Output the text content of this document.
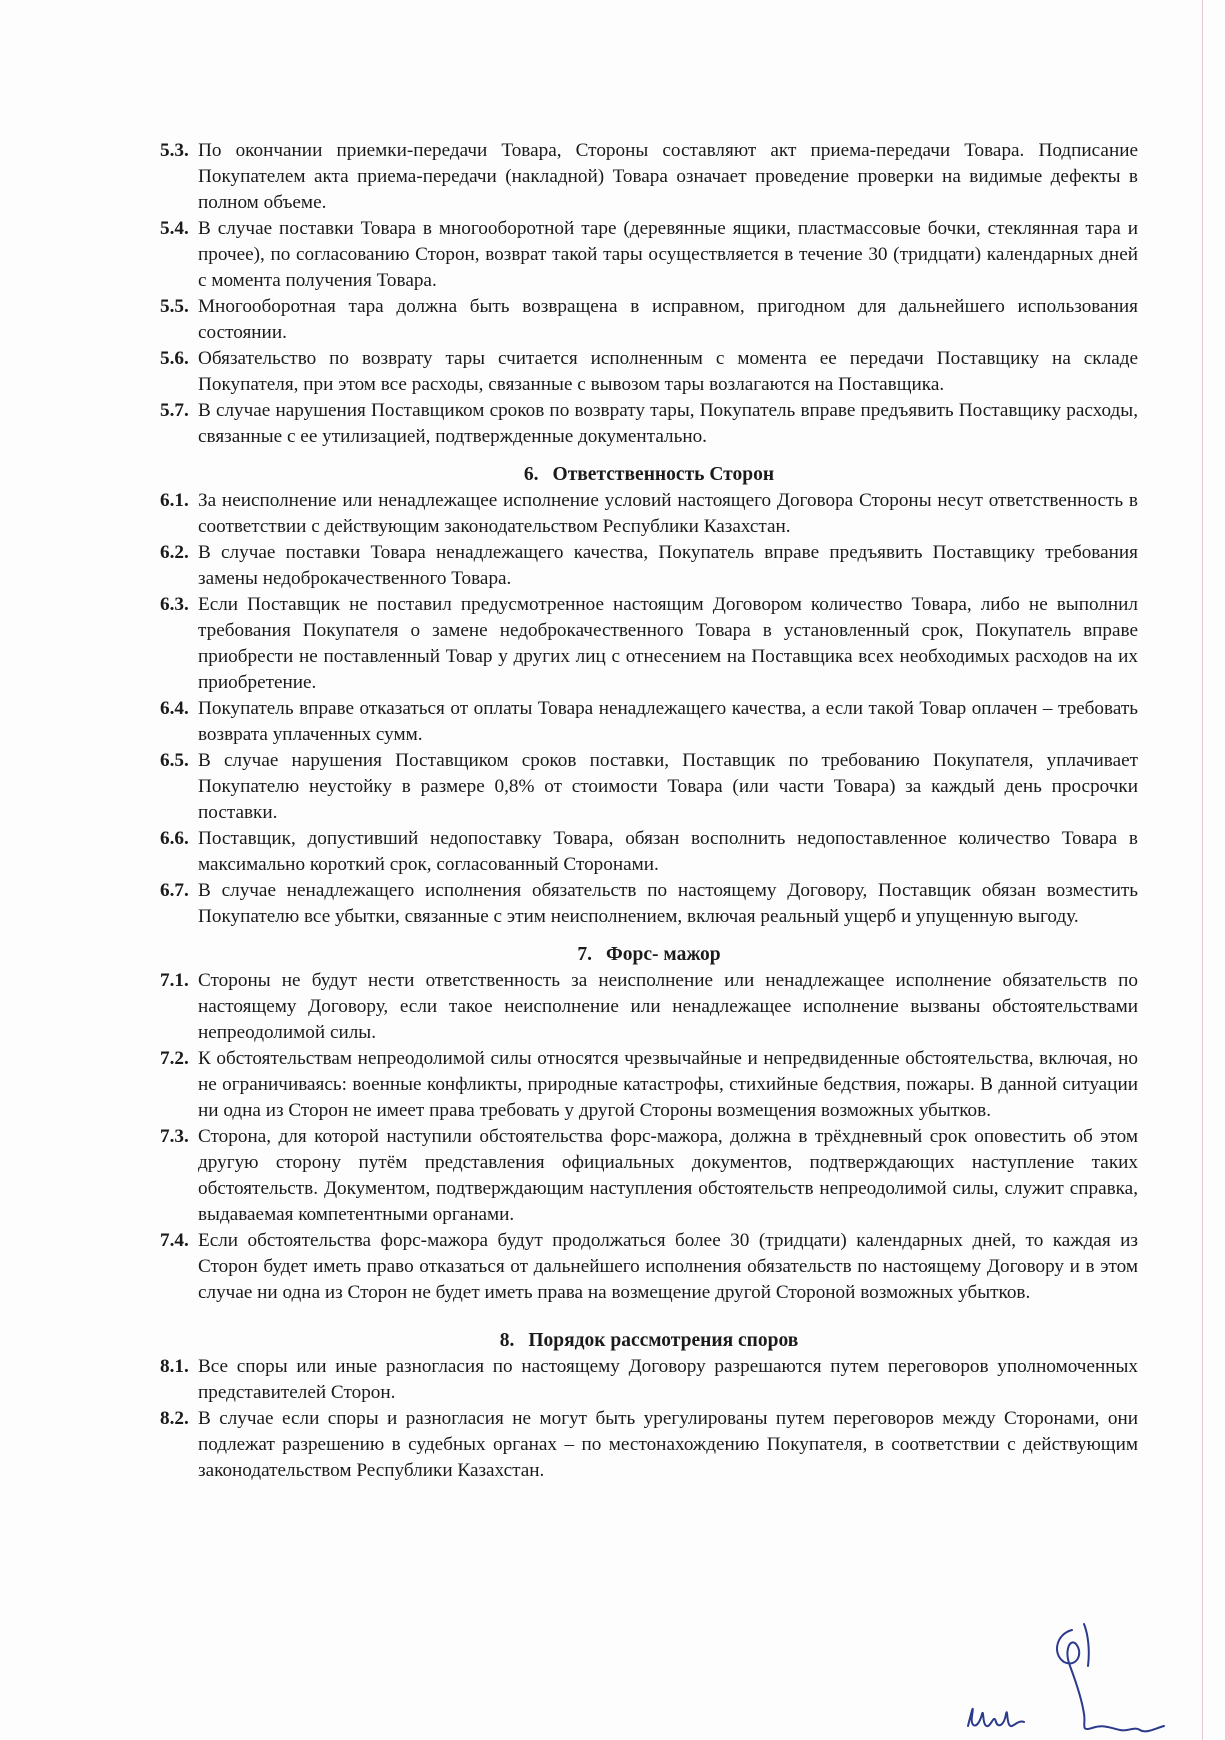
5.3. По окончании приемки-передачи Товара, Стороны составляют акт приема-передачи Товара. Подписание Покупателем акта приема-передачи (накладной) Товара означает проведение проверки на видимые дефекты в полном объеме.
5.4. В случае поставки Товара в многооборотной таре (деревянные ящики, пластмассовые бочки, стеклянная тара и прочее), по согласованию Сторон, возврат такой тары осуществляется в течение 30 (тридцати) календарных дней с момента получения Товара.
5.5. Многооборотная тара должна быть возвращена в исправном, пригодном для дальнейшего использования состоянии.
5.6. Обязательство по возврату тары считается исполненным с момента ее передачи Поставщику на складе Покупателя, при этом все расходы, связанные с вывозом тары возлагаются на Поставщика.
5.7. В случае нарушения Поставщиком сроков по возврату тары, Покупатель вправе предъявить Поставщику расходы, связанные с ее утилизацией, подтвержденные документально.
6. Ответственность Сторон
6.1. За неисполнение или ненадлежащее исполнение условий настоящего Договора Стороны несут ответственность в соответствии с действующим законодательством Республики Казахстан.
6.2. В случае поставки Товара ненадлежащего качества, Покупатель вправе предъявить Поставщику требования замены недоброкачественного Товара.
6.3. Если Поставщик не поставил предусмотренное настоящим Договором количество Товара, либо не выполнил требования Покупателя о замене недоброкачественного Товара в установленный срок, Покупатель вправе приобрести не поставленный Товар у других лиц с отнесением на Поставщика всех необходимых расходов на их приобретение.
6.4. Покупатель вправе отказаться от оплаты Товара ненадлежащего качества, а если такой Товар оплачен – требовать возврата уплаченных сумм.
6.5. В случае нарушения Поставщиком сроков поставки, Поставщик по требованию Покупателя, уплачивает Покупателю неустойку в размере 0,8% от стоимости Товара (или части Товара) за каждый день просрочки поставки.
6.6. Поставщик, допустивший недопоставку Товара, обязан восполнить недопоставленное количество Товара в максимально короткий срок, согласованный Сторонами.
6.7. В случае ненадлежащего исполнения обязательств по настоящему Договору, Поставщик обязан возместить Покупателю все убытки, связанные с этим неисполнением, включая реальный ущерб и упущенную выгоду.
7. Форс- мажор
7.1. Стороны не будут нести ответственность за неисполнение или ненадлежащее исполнение обязательств по настоящему Договору, если такое неисполнение или ненадлежащее исполнение вызваны обстоятельствами непреодолимой силы.
7.2. К обстоятельствам непреодолимой силы относятся чрезвычайные и непредвиденные обстоятельства, включая, но не ограничиваясь: военные конфликты, природные катастрофы, стихийные бедствия, пожары. В данной ситуации ни одна из Сторон не имеет права требовать у другой Стороны возмещения возможных убытков.
7.3. Сторона, для которой наступили обстоятельства форс-мажора, должна в трёхдневный срок оповестить об этом другую сторону путём представления официальных документов, подтверждающих наступление таких обстоятельств. Документом, подтверждающим наступления обстоятельств непреодолимой силы, служит справка, выдаваемая компетентными органами.
7.4. Если обстоятельства форс-мажора будут продолжаться более 30 (тридцати) календарных дней, то каждая из Сторон будет иметь право отказаться от дальнейшего исполнения обязательств по настоящему Договору и в этом случае ни одна из Сторон не будет иметь права на возмещение другой Стороной возможных убытков.
8. Порядок рассмотрения споров
8.1. Все споры или иные разногласия по настоящему Договору разрешаются путем переговоров уполномоченных представителей Сторон.
8.2. В случае если споры и разногласия не могут быть урегулированы путем переговоров между Сторонами, они подлежат разрешению в судебных органах – по местонахождению Покупателя, в соответствии с действующим законодательством Республики Казахстан.
